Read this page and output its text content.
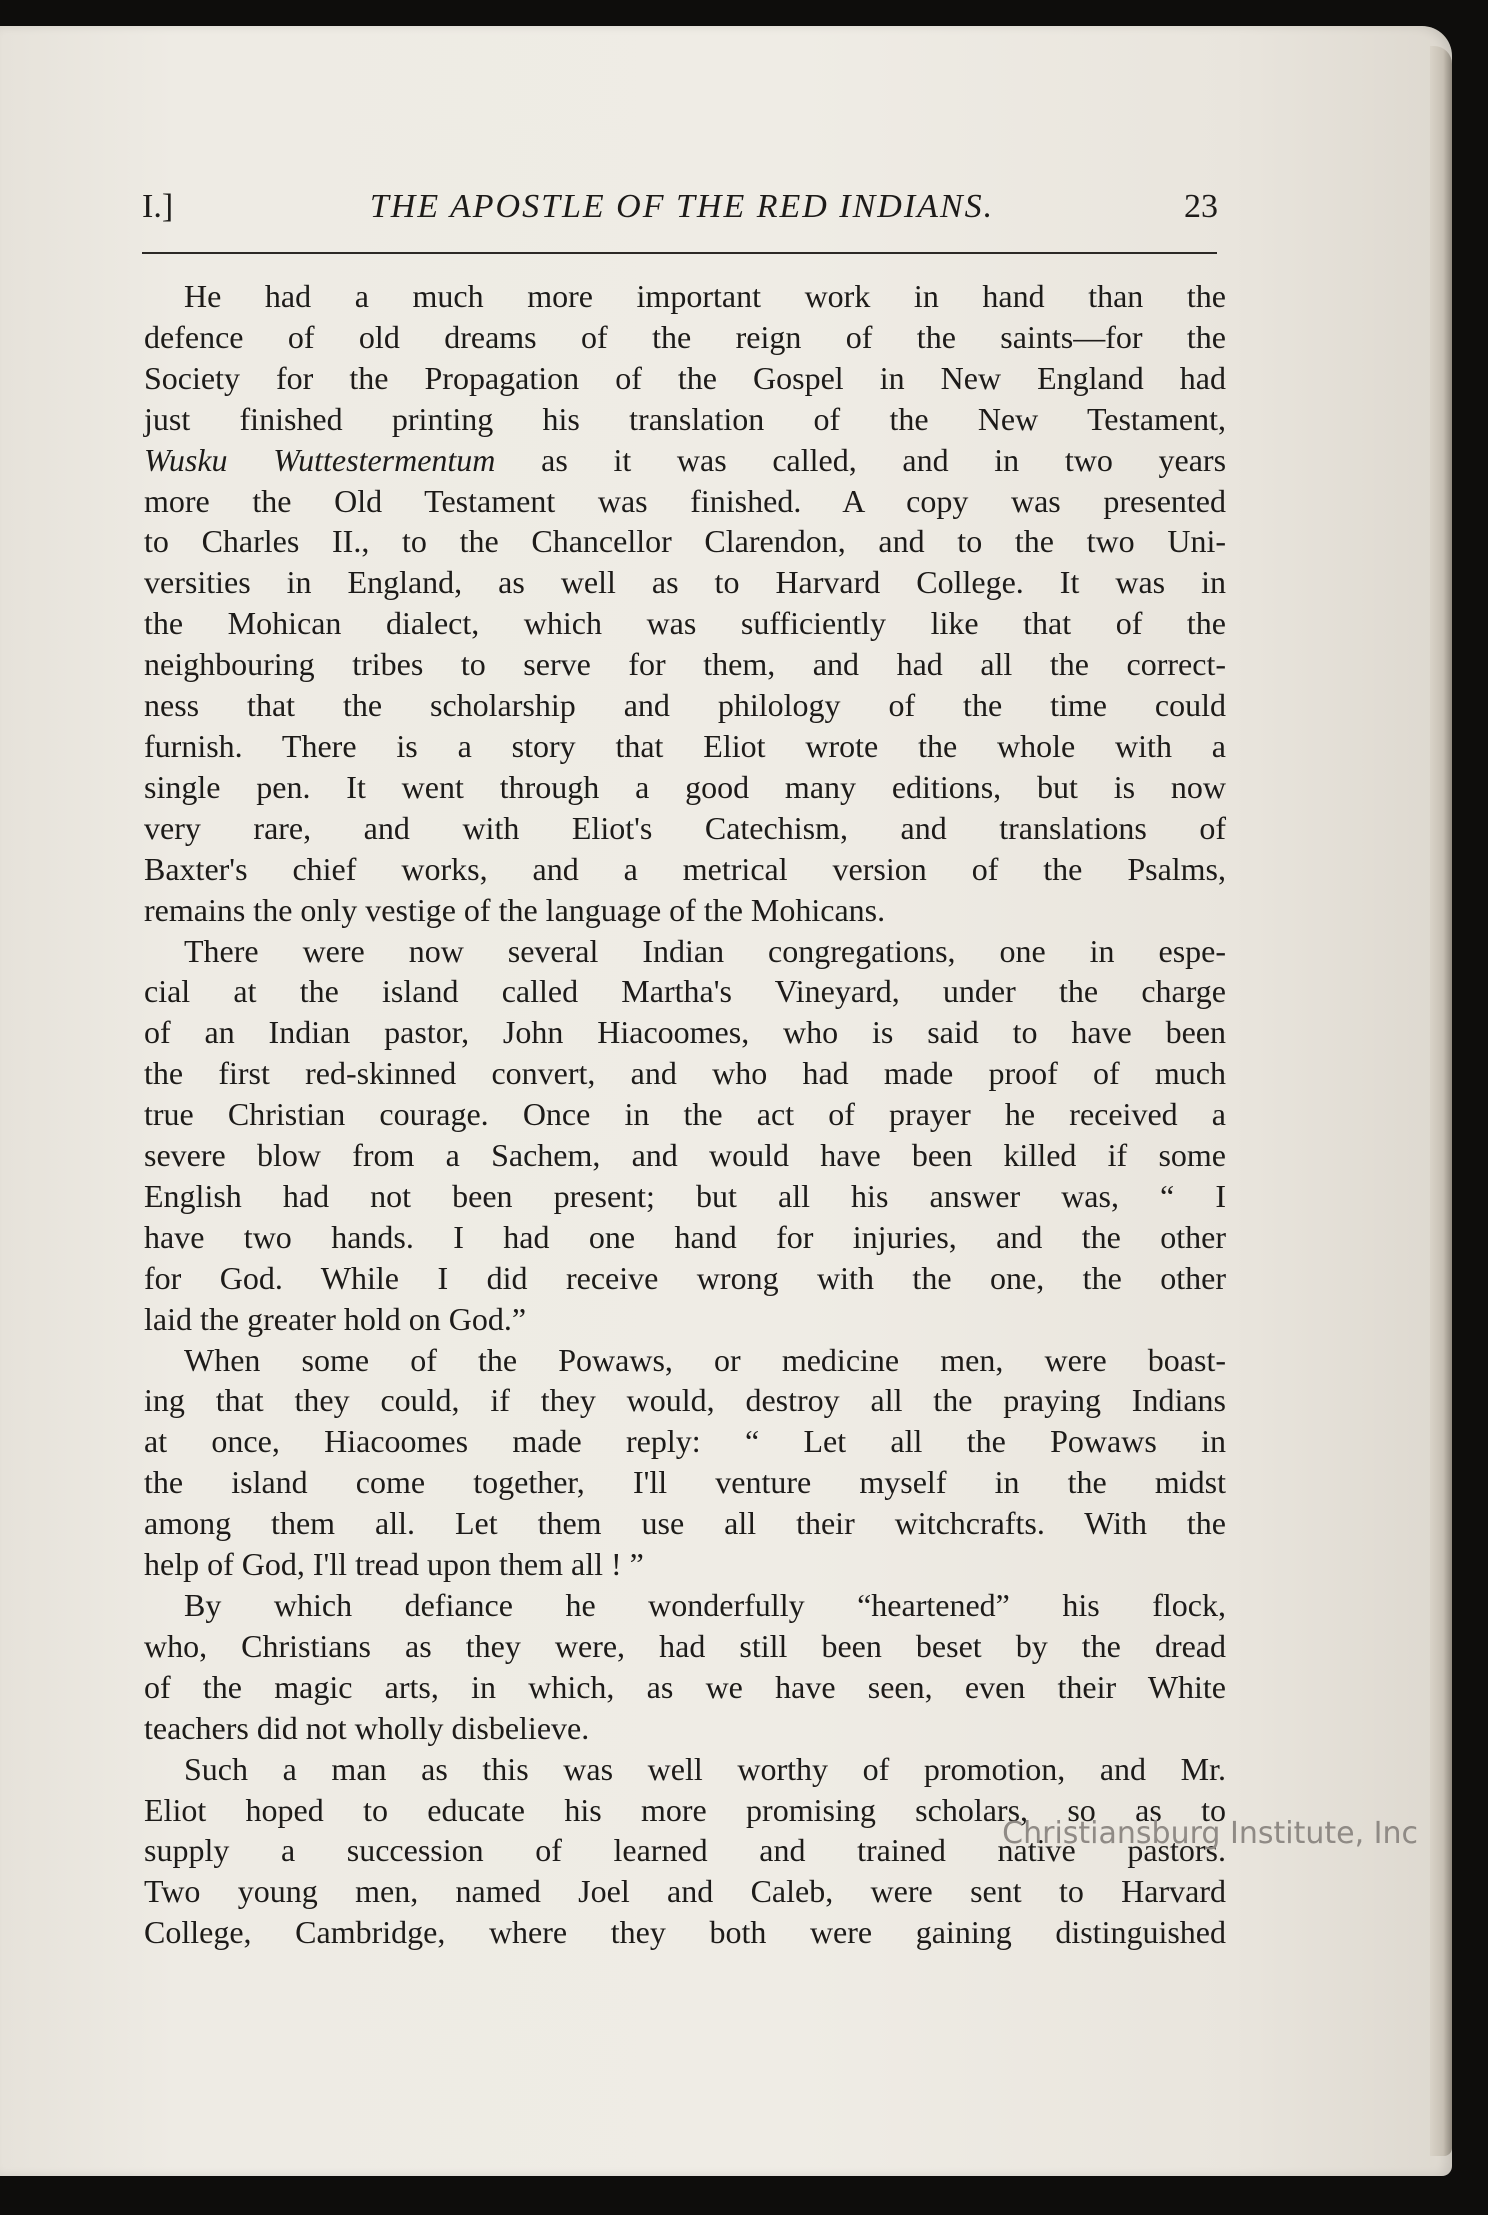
I.]	THE APOSTLE OF THE RED INDIANS.	23

He had a much more important work in hand than the
defence of old dreams of the reign of the saints—for the
Society for the Propagation of the Gospel in New England had
just finished printing his translation of the New Testament,
Wusku Wuttestermentum as it was called, and in two years
more the Old Testament was finished. A copy was presented
to Charles II., to the Chancellor Clarendon, and to the two Uni-
versities in England, as well as to Harvard College. It was in
the Mohican dialect, which was sufficiently like that of the
neighbouring tribes to serve for them, and had all the correct-
ness that the scholarship and philology of the time could
furnish. There is a story that Eliot wrote the whole with a
single pen. It went through a good many editions, but is now
very rare, and with Eliot's Catechism, and translations of
Baxter's chief works, and a metrical version of the Psalms,

remains the only vestige of the language of the Mohicans.

There were now several Indian congregations, one in espe-
cial at the island called Martha's Vineyard, under the charge
of an Indian pastor, John Hiacoomes, who is said to have been
the first red-skinned convert, and who had made proof of much
true Christian courage. Once in the act of prayer he received a
severe blow from a Sachem, and would have been killed if some
English had not been present; but all his answer was, “ I
have two hands. I had one hand for injuries, and the other
for God. While I did receive wrong with the one, the other

laid the greater hold on God.”

When some of the Powaws, or medicine men, were boast-
ing that they could, if they would, destroy all the praying Indians
at once, Hiacoomes made reply: “ Let all the Powaws in
the island come together, I'll venture myself in the midst
among them all. Let them use all their witchcrafts. With the

help of God, I'll tread upon them all ! ”

By which defiance he wonderfully “heartened” his flock,
who, Christians as they were, had still been beset by the dread
of the magic arts, in which, as we have seen, even their White

teachers did not wholly disbelieve.

Such a man as this was well worthy of promotion, and Mr.
Eliot hoped to educate his more promising scholars, so as to
supply a succession of learned and trained native pastors.
Two young men, named Joel and Caleb, were sent to Harvard
College, Cambridge, where they both were gaining distinguished

Christiansburg Institute, Inc
